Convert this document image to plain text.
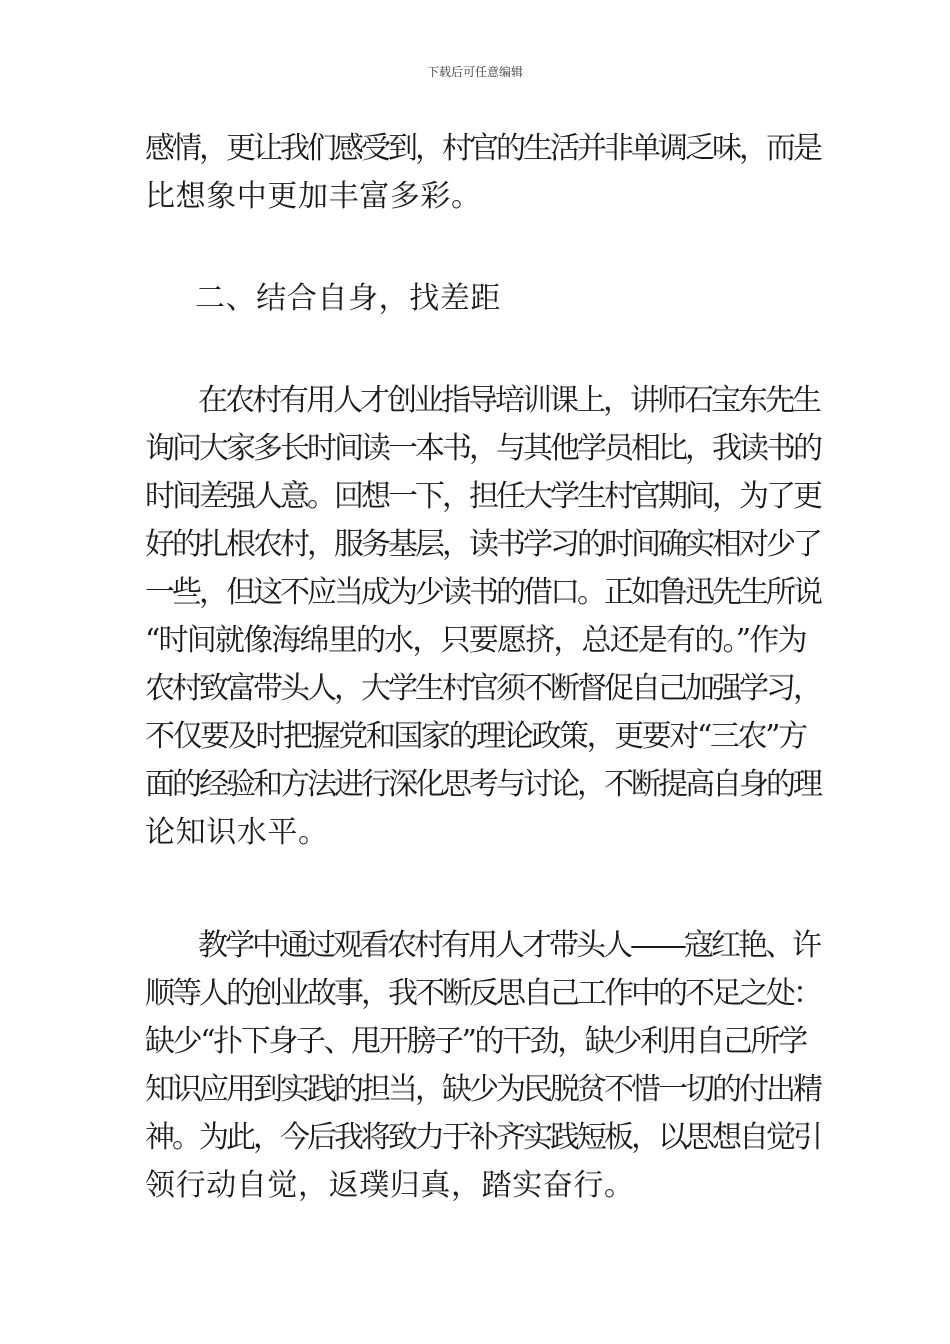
下载后可任意编辑
感情，更让我们感受到，村官的生活并非单调乏味，而是
比想象中更加丰富多彩。
二、结合自身，找差距
在农村有用人才创业指导培训课上，讲师石宝东先生
询问大家多长时间读一本书，与其他学员相比，我读书的
时间差强人意。回想一下，担任大学生村官期间，为了更
好的扎根农村，服务基层，读书学习的时间确实相对少了
一些，但这不应当成为少读书的借口。正如鲁迅先生所说
“时间就像海绵里的水，只要愿挤，总还是有的。”作为
农村致富带头人，大学生村官须不断督促自己加强学习，
不仅要及时把握党和国家的理论政策，更要对“三农”方
面的经验和方法进行深化思考与讨论，不断提高自身的理
论知识水平。
教学中通过观看农村有用人才带头人——寇红艳、许
顺等人的创业故事，我不断反思自己工作中的不足之处：
缺少“扑下身子、甩开膀子”的干劲，缺少利用自己所学
知识应用到实践的担当，缺少为民脱贫不惜一切的付出精
神。为此，今后我将致力于补齐实践短板，以思想自觉引
领行动自觉，返璞归真，踏实奋行。
